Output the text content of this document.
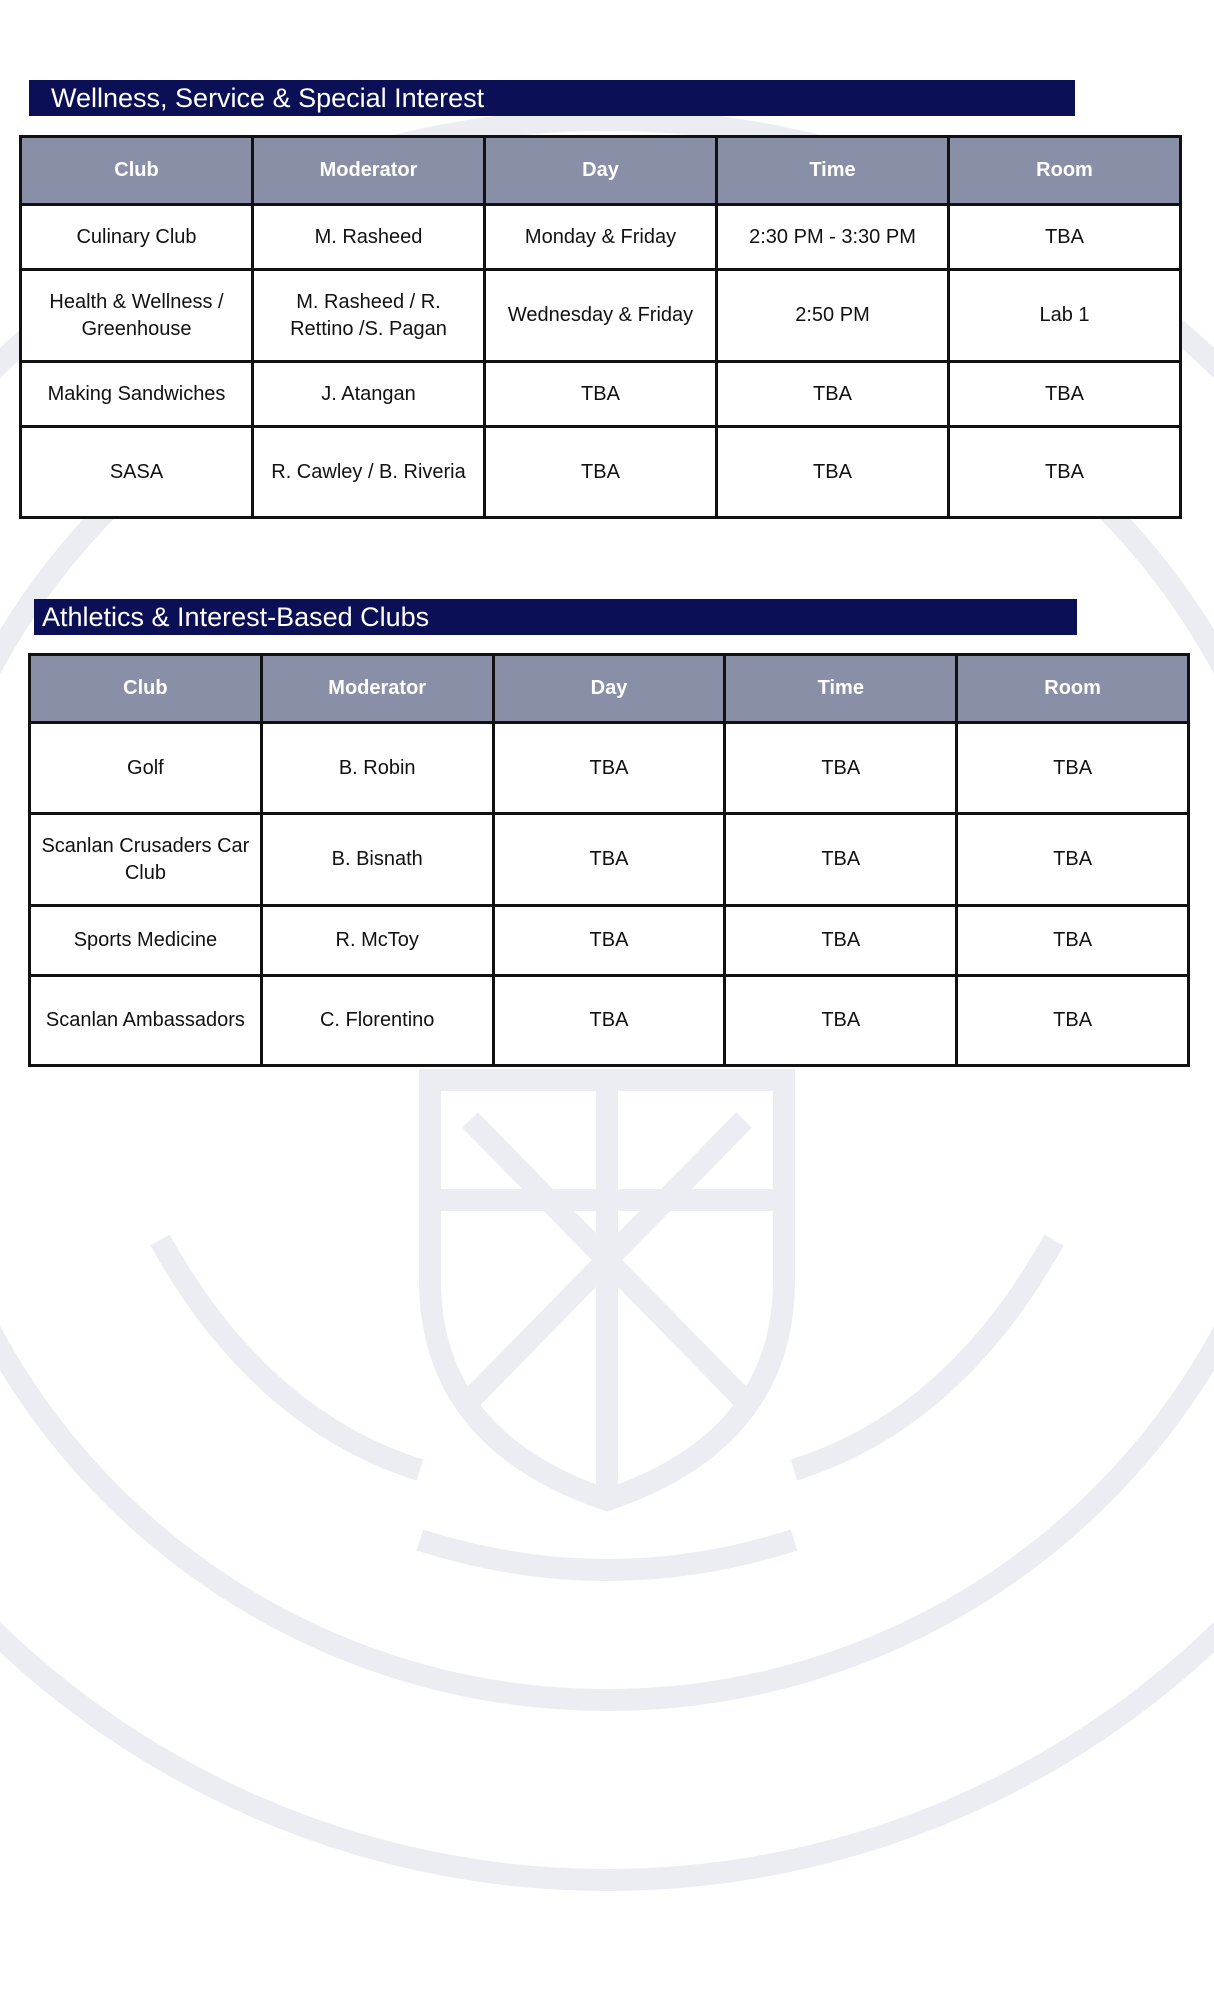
Wellness, Service & Special Interest
Club	Moderator	Day	Time	Room
Culinary Club	M. Rasheed	Monday & Friday	2:30 PM - 3:30 PM	TBA
Health & Wellness / Greenhouse	M. Rasheed / R. Rettino /S. Pagan	Wednesday & Friday	2:50 PM	Lab 1
Making Sandwiches	J. Atangan	TBA	TBA	TBA
SASA	R. Cawley / B. Riveria	TBA	TBA	TBA
Athletics & Interest-Based Clubs
Club	Moderator	Day	Time	Room
Golf	B. Robin	TBA	TBA	TBA
Scanlan Crusaders Car Club	B. Bisnath	TBA	TBA	TBA
Sports Medicine	R. McToy	TBA	TBA	TBA
Scanlan Ambassadors	C. Florentino	TBA	TBA	TBA
